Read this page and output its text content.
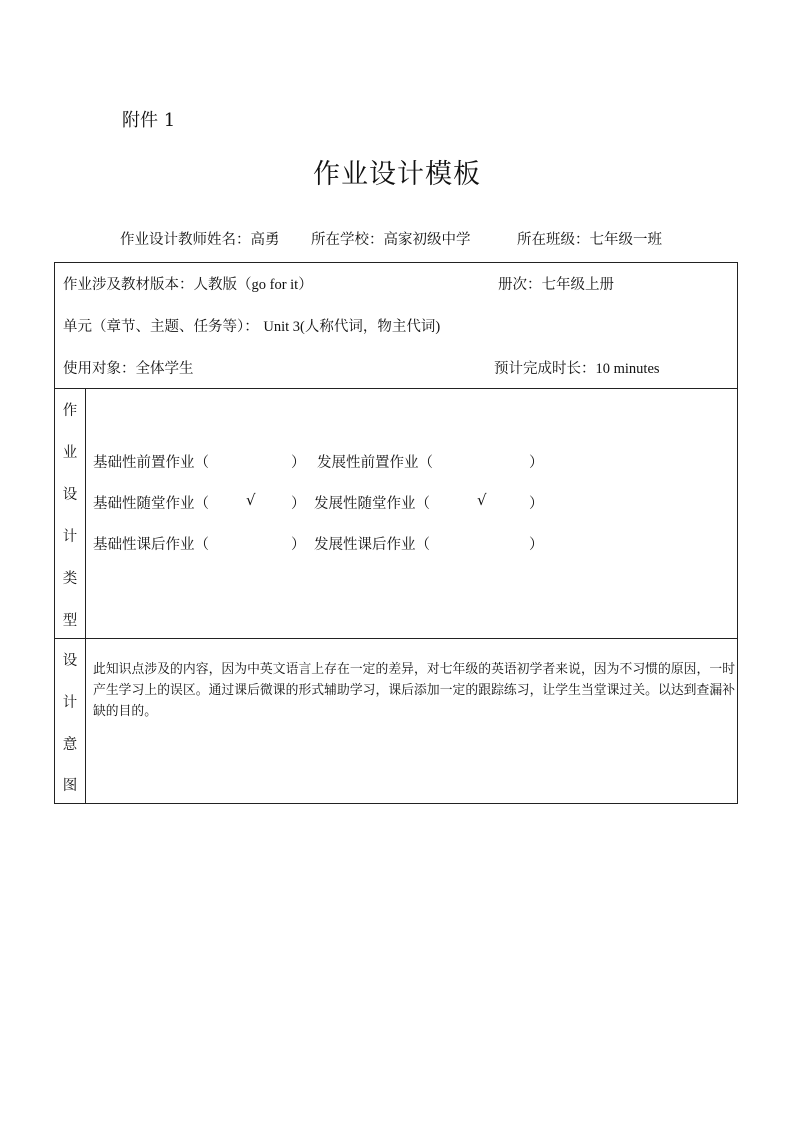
附件 1
作业设计模板
作业设计教师姓名：高勇 所在学校：高家初级中学	所在班级：七年级一班
作业涉及教材版本：人教版（go for it）	册次：七年级上册
单元（章节、主题、任务等）： Unit 3(人称代词，物主代词)
使用对象：全体学生	预计完成时长：10 minutes
作
业
设
计
类
型
基础性前置作业（	） 发展性前置作业（	）
基础性随堂作业（ √ ） 发展性随堂作业（	√	）
基础性课后作业（	） 发展性课后作业（	）
设
计
意
图
此知识点涉及的内容，因为中英文语言上存在一定的差异，对七年级的英语初学者来说，因为不习惯的原因，一时产生学习上的误区。通过课后微课的形式辅助学习，课后添加一定的跟踪练习，让学生当堂课过关。以达到查漏补缺的目的。
